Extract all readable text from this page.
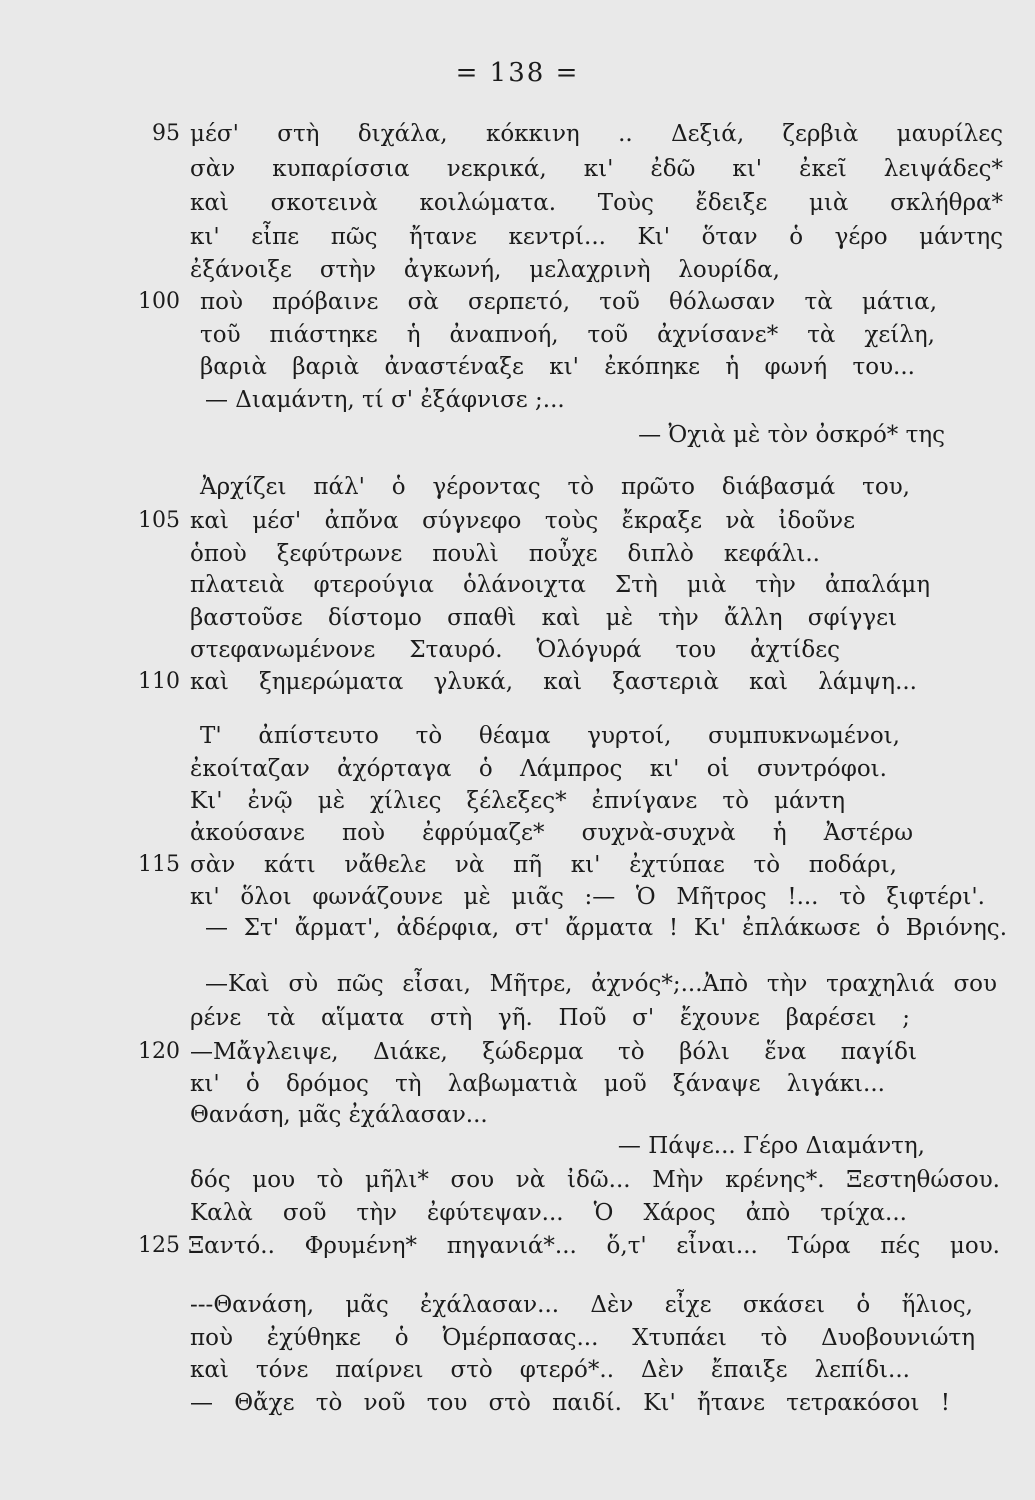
= 138 =
95 μέσ' στὴ διχάλα, κόκκινη .. Δεξιά, ζερβιὰ μαυρίλες
σὰν κυπαρίσσια νεκρικά, κι' ἐδῶ κι' ἐκεῖ λειψάδες*
καὶ σκοτεινὰ κοιλώματα. Τοὺς ἔδειξε μιὰ σκλήθρα*
κι' εἶπε πῶς ἤτανε κεντρί... Κι' ὅταν ὁ γέρο μάντης
ἐξάνοιξε στὴν ἀγκωνή, μελαχρινὴ λουρίδα,
100 ποὺ πρόβαινε σὰ σερπετό, τοῦ θόλωσαν τὰ μάτια,
τοῦ πιάστηκε ἡ ἀναπνοή, τοῦ ἀχνίσανε* τὰ χείλη,
βαριὰ βαριὰ ἀναστέναξε κι' ἐκόπηκε ἡ φωνή του...
— Διαμάντη, τί σ' ἐξάφνισε ;...
— Ὀχιὰ μὲ τὸν ὀσκρό* της
Ἀρχίζει πάλ' ὁ γέροντας τὸ πρῶτο διάβασμά του,
105 καὶ μέσ' ἀπὄνα σύγνεφο τοὺς ἔκραξε νὰ ἰδοῦνε
ὁποὺ ξεφύτρωνε πουλὶ ποὖχε διπλὸ κεφάλι..
πλατειὰ φτερούγια ὁλάνοιχτα Στὴ μιὰ τὴν ἀπαλάμη
βαστοῦσε δίστομο σπαθὶ καὶ μὲ τὴν ἄλλη σφίγγει
στεφανωμένονε Σταυρό. Ὁλόγυρά του ἀχτίδες
110 καὶ ξημερώματα γλυκά, καὶ ξαστεριὰ καὶ λάμψη...
Τ' ἀπίστευτο τὸ θέαμα γυρτοί, συμπυκνωμένοι,
ἐκοίταζαν ἀχόρταγα ὁ Λάμπρος κι' οἱ συντρόφοι.
Κι' ἐνῷ μὲ χίλιες ξέλεξες* ἐπνίγανε τὸ μάντη
ἀκούσανε ποὺ ἐφρύμαζε* συχνὰ-συχνὰ ἡ Ἀστέρω
115 σὰν κάτι νἄθελε νὰ πῆ κι' ἐχτύπαε τὸ ποδάρι,
κι' ὅλοι φωνάζουνε μὲ μιᾶς :— Ὁ Μῆτρος !... τὸ ξιφτέρι'.
— Στ' ἄρματ', ἀδέρφια, στ' ἄρματα ! Κι' ἐπλάκωσε ὁ Βριόνης.
—Καὶ σὺ πῶς εἶσαι, Μῆτρε, ἀχνός*;...Ἀπὸ τὴν τραχηλιά σου
ρένε τὰ αἵματα στὴ γῆ. Ποῦ σ' ἔχουνε βαρέσει ;
120 —Μἄγλειψε, Διάκε, ξώδερμα τὸ βόλι ἕνα παγίδι
κι' ὁ δρόμος τὴ λαβωματιὰ μοῦ ξάναψε λιγάκι...
Θανάση, μᾶς ἐχάλασαν...
— Πάψε... Γέρο Διαμάντη,
δός μου τὸ μῆλι* σου νὰ ἰδῶ... Μὴν κρένης*. Ξεστηθώσου.
Καλὰ σοῦ τὴν ἐφύτεψαν... Ὁ Χάρος ἀπὸ τρίχα...
125 Ξαντό.. Φρυμένη* πηγανιά*... ὅ,τ' εἶναι... Τώρα πές μου.
---Θανάση, μᾶς ἐχάλασαν... Δὲν εἶχε σκάσει ὁ ἥλιος,
ποὺ ἐχύθηκε ὁ Ὀμέρπασας... Χτυπάει τὸ Δυοβουνιώτη
καὶ τόνε παίρνει στὸ φτερό*.. Δὲν ἔπαιξε λεπίδι...
— Θἄχε τὸ νοῦ του στὸ παιδί. Κι' ἤτανε τετρακόσοι !
